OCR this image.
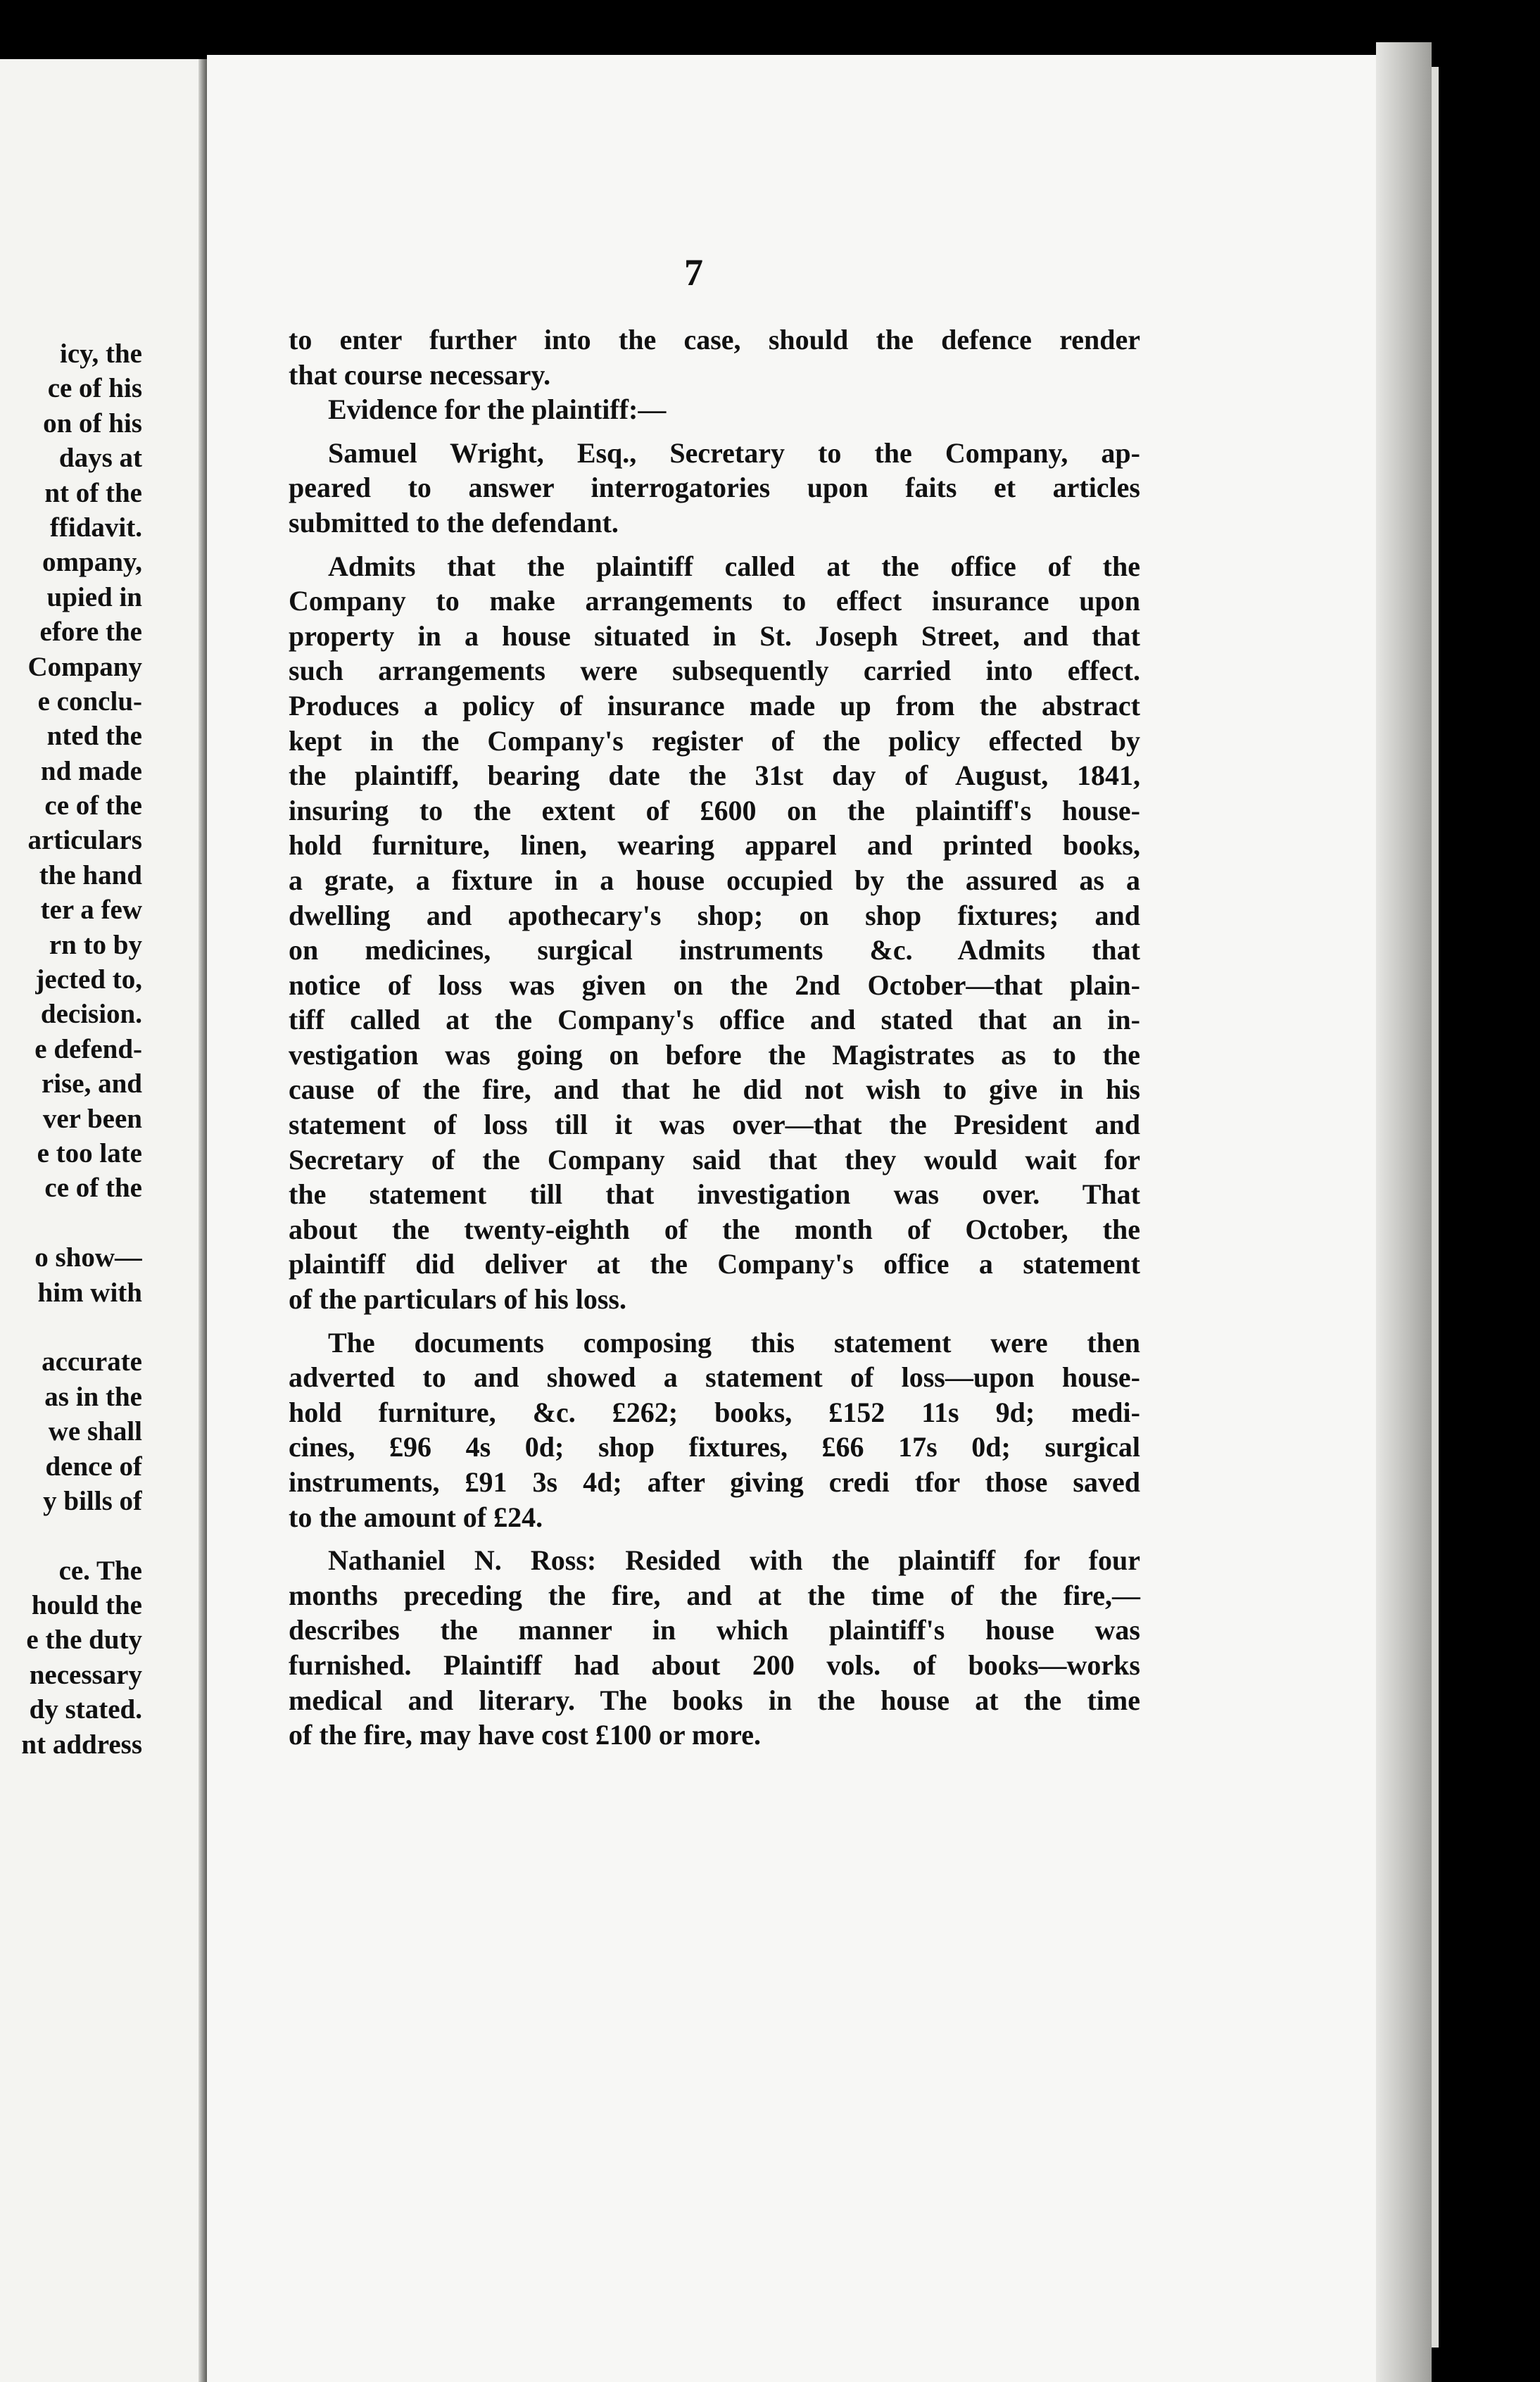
icy, the
ce of his
on of his
days at
nt of the
ffidavit.
ompany,
upied in
efore the
Company
e conclu-
nted the
nd made
ce of the
articulars
the hand
ter a few
rn to by
jected to,
decision.
e defend-
rise, and
ver been
e too late
ce of the
o show—
him with
accurate
as in the
we shall
dence of
y bills of
ce. The
hould the
e the duty
necessary
dy stated.
nt address
7
to enter further into the case, should the defence render
that course necessary.
Evidence for the plaintiff:—
Samuel Wright, Esq., Secretary to the Company, ap-
peared to answer interrogatories upon faits et articles
submitted to the defendant.
Admits that the plaintiff called at the office of the
Company to make arrangements to effect insurance upon
property in a house situated in St. Joseph Street, and that
such arrangements were subsequently carried into effect.
Produces a policy of insurance made up from the abstract
kept in the Company's register of the policy effected by
the plaintiff, bearing date the 31st day of August, 1841,
insuring to the extent of £600 on the plaintiff's house-
hold furniture, linen, wearing apparel and printed books,
a grate, a fixture in a house occupied by the assured as a
dwelling and apothecary's shop; on shop fixtures; and
on medicines, surgical instruments &c. Admits that
notice of loss was given on the 2nd October—that plain-
tiff called at the Company's office and stated that an in-
vestigation was going on before the Magistrates as to the
cause of the fire, and that he did not wish to give in his
statement of loss till it was over—that the President and
Secretary of the Company said that they would wait for
the statement till that investigation was over. That
about the twenty-eighth of the month of October, the
plaintiff did deliver at the Company's office a statement
of the particulars of his loss.
The documents composing this statement were then
adverted to and showed a statement of loss—upon house-
hold furniture, &c. £262; books, £152 11s 9d; medi-
cines, £96 4s 0d; shop fixtures, £66 17s 0d; surgical
instruments, £91 3s 4d; after giving credi tfor those saved
to the amount of £24.
Nathaniel N. Ross: Resided with the plaintiff for four
months preceding the fire, and at the time of the fire,—
describes the manner in which plaintiff's house was
furnished. Plaintiff had about 200 vols. of books—works
medical and literary. The books in the house at the time
of the fire, may have cost £100 or more.
